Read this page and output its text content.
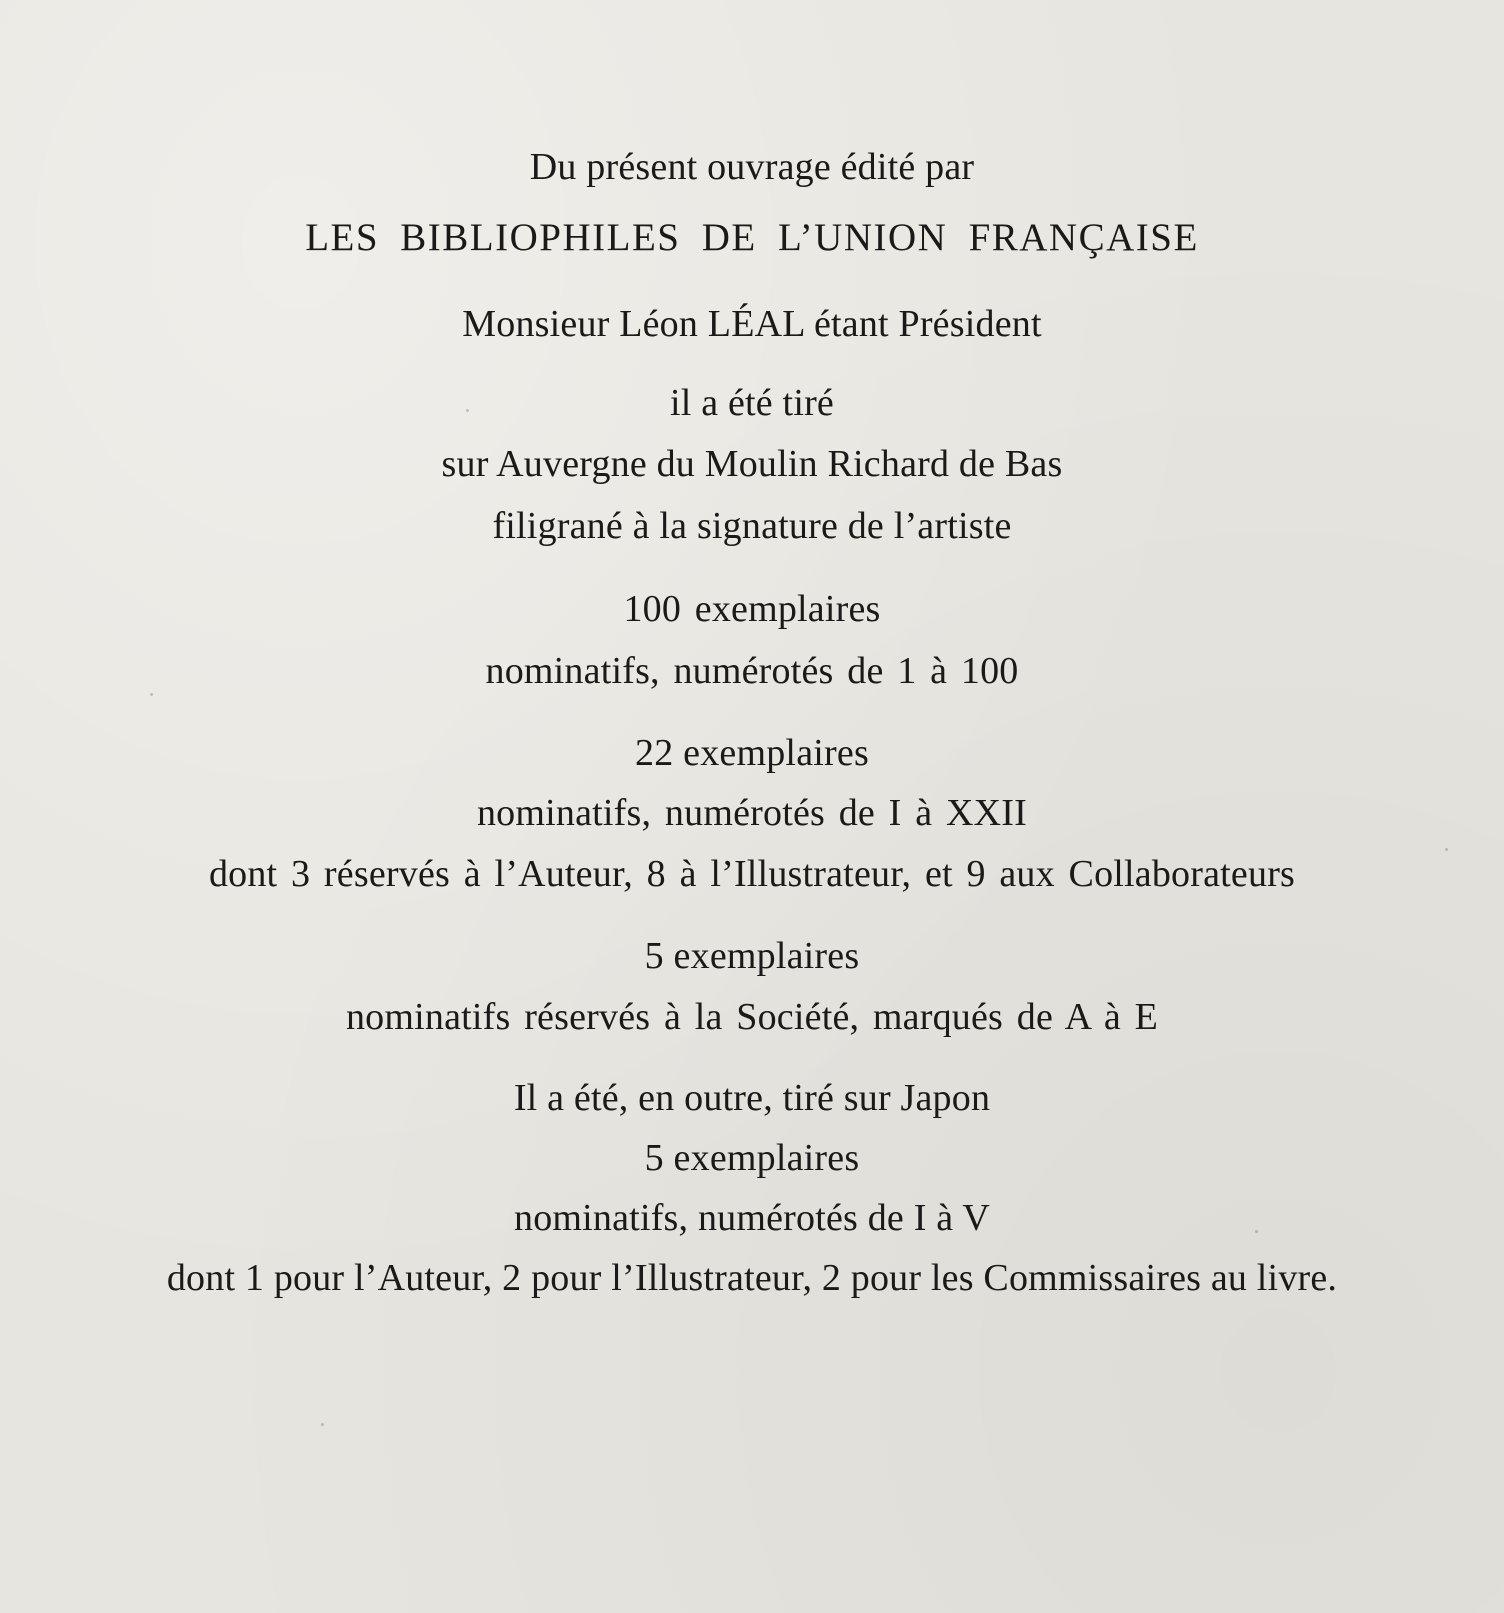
Du présent ouvrage édité par
LES BIBLIOPHILES DE L’UNION FRANÇAISE
Monsieur Léon LÉAL étant Président
il a été tiré
sur Auvergne du Moulin Richard de Bas
filigrané à la signature de l’artiste
100 exemplaires
nominatifs, numérotés de 1 à 100
22 exemplaires
nominatifs, numérotés de I à XXII
dont 3 réservés à l’Auteur, 8 à l’Illustrateur, et 9 aux Collaborateurs
5 exemplaires
nominatifs réservés à la Société, marqués de A à E
Il a été, en outre, tiré sur Japon
5 exemplaires
nominatifs, numérotés de I à V
dont 1 pour l’Auteur, 2 pour l’Illustrateur, 2 pour les Commissaires au livre.
